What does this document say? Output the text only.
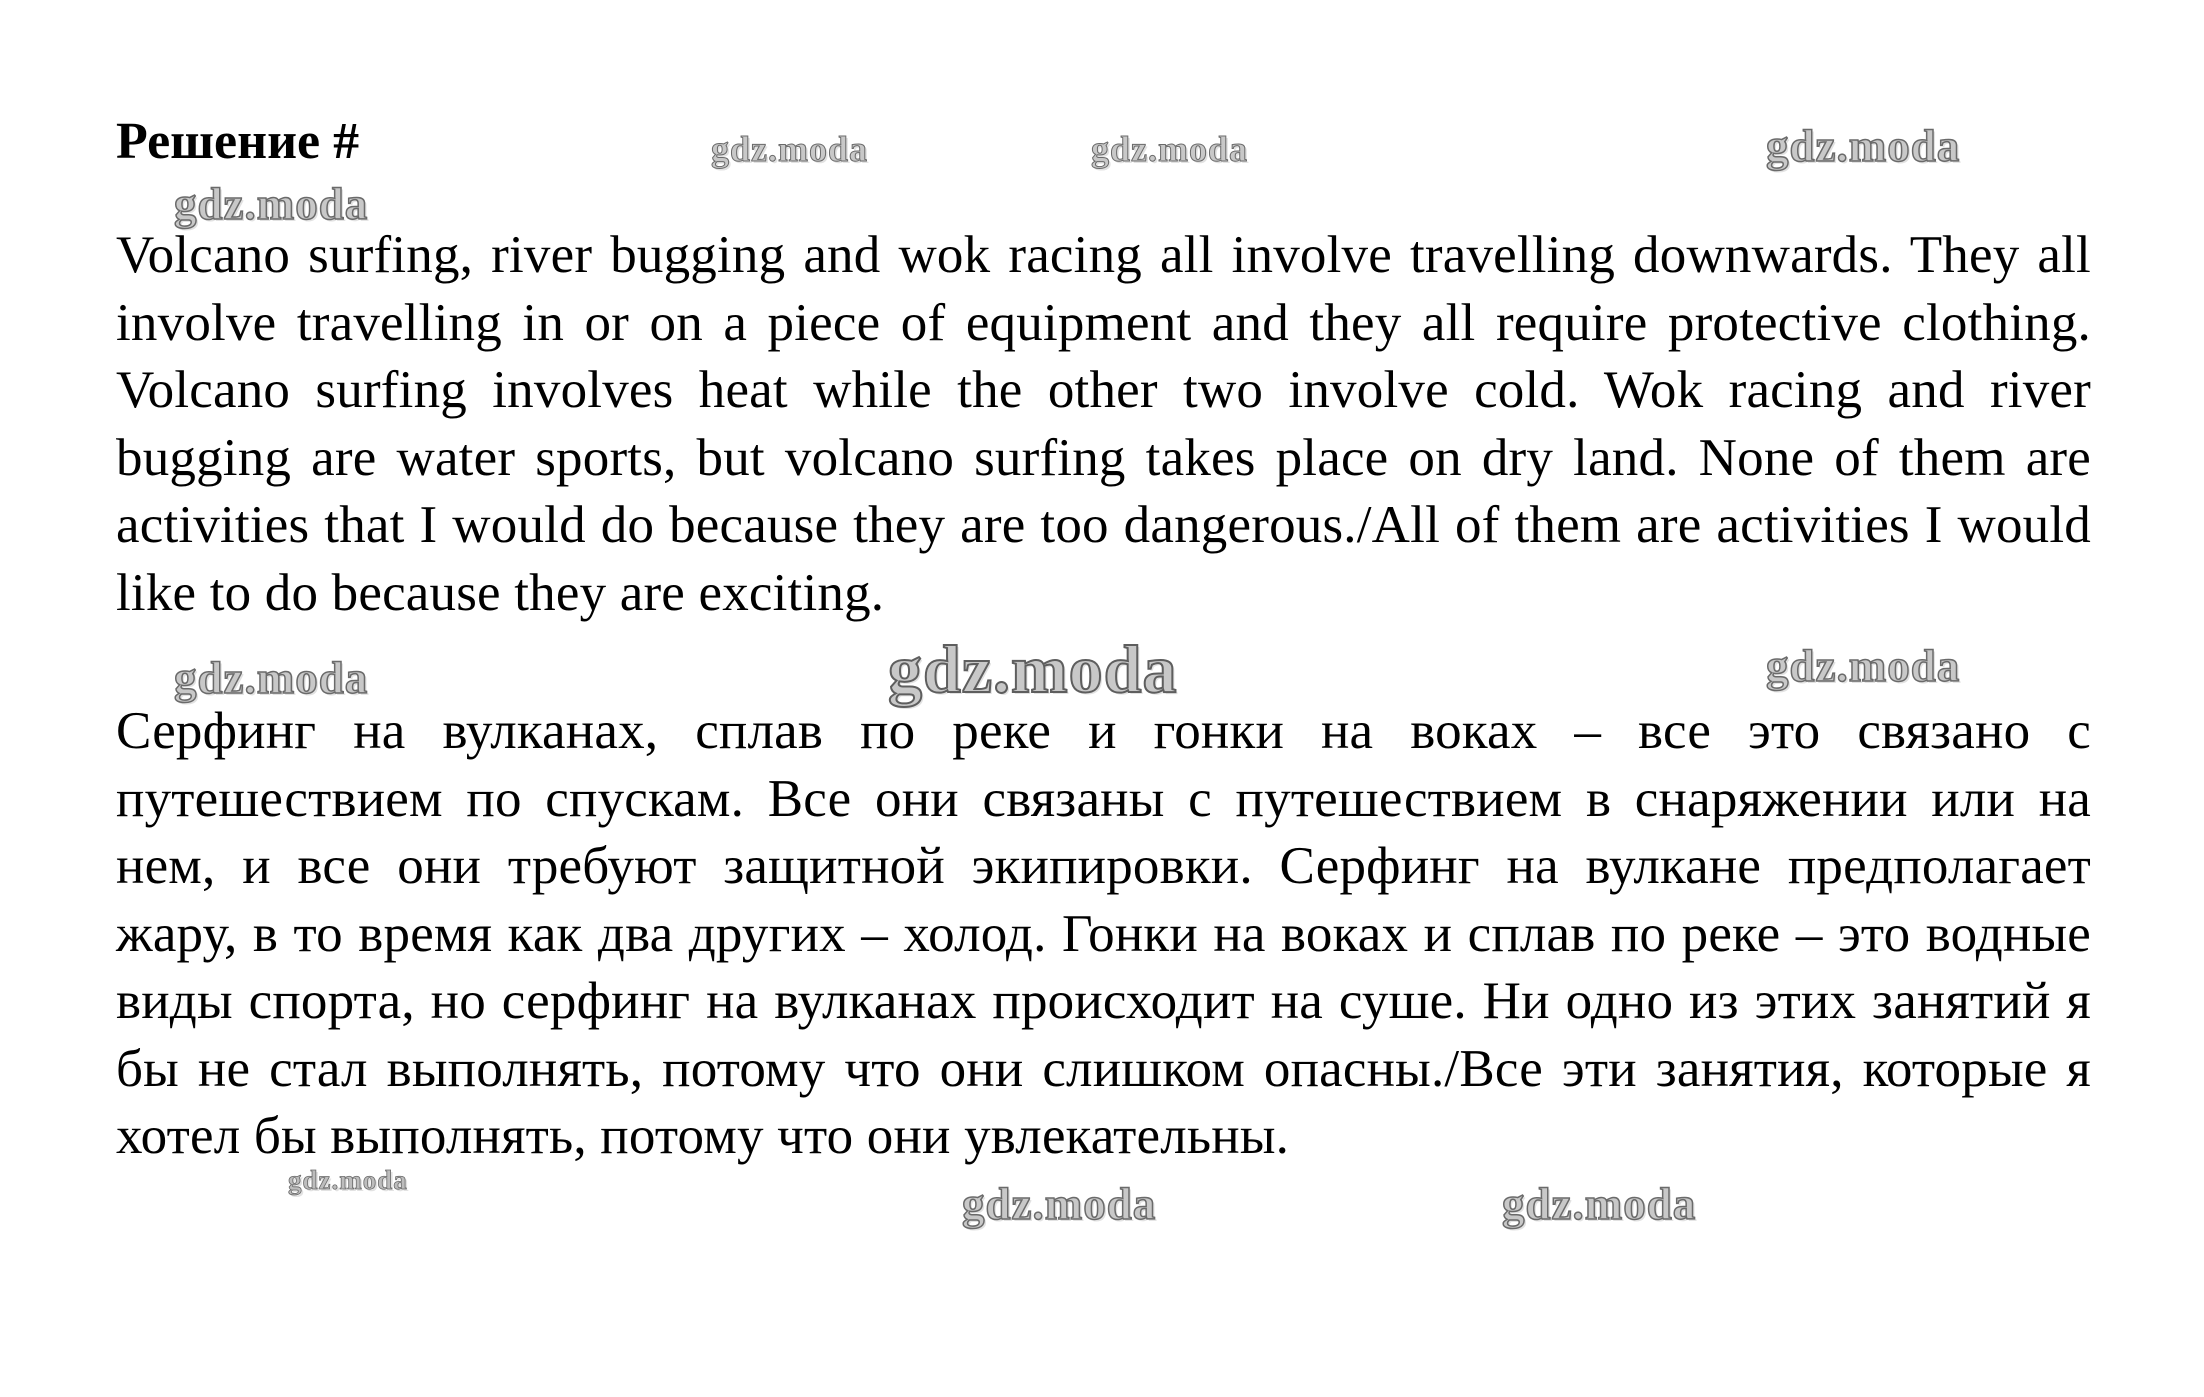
Решение #

Volcano surfing, river bugging and wok racing all involve travelling downwards. They all involve travelling in or on a piece of equipment and they all require protective clothing. Volcano surfing involves heat while the other two involve cold. Wok racing and river bugging are water sports, but volcano surfing takes place on dry land. None of them are activities that I would do because they are too dangerous./All of them are activities I would like to do because they are exciting.

Серфинг на вулканах, сплав по реке и гонки на воках – все это связано с путешествием по спускам. Все они связаны с путешествием в снаряжении или на нем, и все они требуют защитной экипировки. Серфинг на вулкане предполагает жару, в то время как два других – холод. Гонки на воках и сплав по реке – это водные виды спорта, но серфинг на вулканах происходит на суше. Ни одно из этих занятий я бы не стал выполнять, потому что они слишком опасны./Все эти занятия, которые я хотел бы выполнять, потому что они увлекательны.

gdz.moda	gdz.moda	gdz.moda
gdz.moda
gdz.moda	gdz.moda	gdz.moda
gdz.moda	gdz.moda	gdz.moda
